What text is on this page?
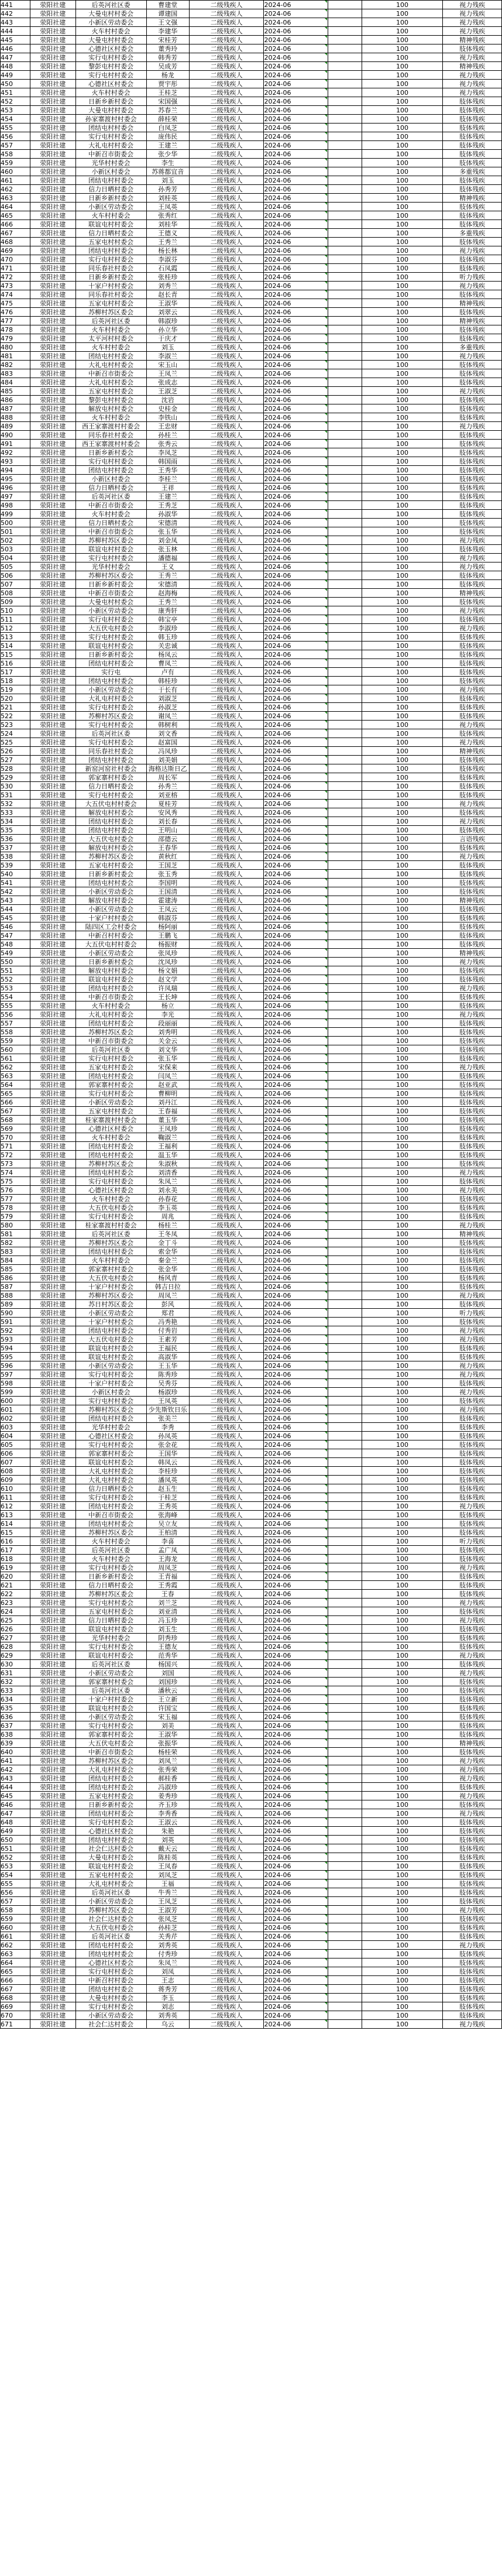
441	荥阳社建	后英河社区委	曹建堂	二级残疾人	2024-06		100	视力残疾
442	荥阳社建	大曼屯村村委会	谭建国	二级残疾人	2024-06		100	视力残疾
443	荥阳社建	小新区劳动委会	王文强	二级残疾人	2024-06		100	视力残疾
444	荥阳社建	火车村村委会	李建华	二级残疾人	2024-06		100	视力残疾
445	荥阳社建	大曼屯村村委会	宋桂芳	二级残疾人	2024-06		100	精神残疾
446	荥阳社建	心德社区村委会	董秀玲	二级残疾人	2024-06		100	肢体残疾
447	荥阳社建	实行屯村村委会	韩秀芳	二级残疾人	2024-06		100	视力残疾
448	荥阳社建	黎彭屯村村委会	吴成芳	二级残疾人	2024-06		100	精神残疾
449	荥阳社建	实行屯村村委会	杨龙	二级残疾人	2024-06		100	视力残疾
450	荥阳社建	心德社区村委会	贾宇彤	二级残疾人	2024-06		100	视力残疾
451	荥阳社建	火车村村委会	王桂芝	二级残疾人	2024-06		100	视力残疾
452	荥阳社建	日新乡新村委会	宋国强	二级残疾人	2024-06		100	肢体残疾
453	荥阳社建	大曼屯村村委会	苏春兰	二级残疾人	2024-06		100	肢体残疾
454	荥阳社建	孙家寨渡村村委会	薛桂荣	二级残疾人	2024-06		100	肢体残疾
455	荥阳社建	团结屯村村委会	白凤芝	二级残疾人	2024-06		100	肢体残疾
456	荥阳社建	实行屯村村委会	庞伟民	二级残疾人	2024-06		100	肢体残疾
457	荥阳社建	大礼屯村村委会	王建兰	二级残疾人	2024-06		100	肢体残疾
458	荥阳社建	中新召市街委会	张少华	二级残疾人	2024-06		100	肢体残疾
459	荥阳社建	光华村村委会	李生	二级残疾人	2024-06		100	肢体残疾
460	荥阳社建	小新区村委会	苏蒋都宜音	二级残疾人	2024-06		100	多重残疾
461	荥阳社建	团结屯村村委会	刘玉	二级残疾人	2024-06		100	肢体残疾
462	荥阳社建	信力日晒村委会	孙秀芳	二级残疾人	2024-06		100	肢体残疾
463	荥阳社建	日新乡新村委会	刘桂英	二级残疾人	2024-06		100	精神残疾
464	荥阳社建	小新区劳动委会	王凤英	二级残疾人	2024-06		100	肢体残疾
465	荥阳社建	火车村村委会	张秀红	二级残疾人	2024-06		100	肢体残疾
466	荥阳社建	联谊屯村村委会	刘桂华	二级残疾人	2024-06		100	肢体残疾
467	荥阳社建	信力日晒村委会	王德义	二级残疾人	2024-06		100	多重残疾
468	荥阳社建	五家屯村村委会	王秀兰	二级残疾人	2024-06		100	肢体残疾
469	荥阳社建	团结屯村村委会	杨长林	二级残疾人	2024-06		100	视力残疾
470	荥阳社建	实行屯村村委会	李淑芬	二级残疾人	2024-06		100	肢体残疾
471	荥阳社建	同乐春社村委会	石凤霞	二级残疾人	2024-06		100	肢体残疾
472	荥阳社建	日新乡新村委会	张桂珍	二级残疾人	2024-06		100	听力残疾
473	荥阳社建	十家户村村委会	刘秀兰	二级残疾人	2024-06		100	视力残疾
474	荥阳社建	同乐春社村委会	赵长青	二级残疾人	2024-06		100	肢体残疾
475	荥阳社建	五家屯村村委会	王淑华	二级残疾人	2024-06		100	精神残疾
476	荥阳社建	苏柳村苏区委会	刘翠云	二级残疾人	2024-06		100	肢体残疾
477	荥阳社建	后英河社区委	韩淑珍	二级残疾人	2024-06		100	精神残疾
478	荥阳社建	火车村村委会	孙立华	二级残疾人	2024-06		100	肢体残疾
479	荥阳社建	太平河村村委会	于庆才	二级残疾人	2024-06		100	肢体残疾
480	荥阳社建	火车村村委会	刘玉	二级残疾人	2024-06		100	多重残疾
481	荥阳社建	团结屯村村委会	李淑兰	二级残疾人	2024-06		100	视力残疾
482	荥阳社建	大礼屯村村委会	宋玉山	二级残疾人	2024-06		100	肢体残疾
483	荥阳社建	中新召市街委会	王凤兰	二级残疾人	2024-06		100	肢体残疾
484	荥阳社建	大礼屯村村委会	张成志	二级残疾人	2024-06		100	肢体残疾
485	荥阳社建	五家屯村村委会	王淑芝	二级残疾人	2024-06		100	视力残疾
486	荥阳社建	黎彭屯村村委会	沈岩	二级残疾人	2024-06		100	肢体残疾
487	荥阳社建	解放屯村村委会	史桂金	二级残疾人	2024-06		100	肢体残疾
488	荥阳社建	火车村村委会	李铁山	二级残疾人	2024-06		100	肢体残疾
489	荥阳社建	西王家寨渡村村委会	王忠财	二级残疾人	2024-06		100	视力残疾
490	荥阳社建	同乐春社村委会	孙桂兰	二级残疾人	2024-06		100	肢体残疾
491	荥阳社建	西王家寨渡村村委会	张秀云	二级残疾人	2024-06		100	肢体残疾
492	荥阳社建	日新乡新村委会	李凤芝	二级残疾人	2024-06		100	肢体残疾
493	荥阳社建	实行屯村村委会	韩国雨	二级残疾人	2024-06		100	肢体残疾
494	荥阳社建	团结屯村村委会	王秀华	二级残疾人	2024-06		100	肢体残疾
495	荥阳社建	小新区村委会	李桂兰	二级残疾人	2024-06		100	肢体残疾
496	荥阳社建	信力日晒村委会	王祥	二级残疾人	2024-06		100	肢体残疾
497	荥阳社建	后英河社区委	王建兰	二级残疾人	2024-06		100	肢体残疾
498	荥阳社建	中新召市街委会	王秀芝	二级残疾人	2024-06		100	肢体残疾
499	荥阳社建	火车村村委会	孙淑华	二级残疾人	2024-06		100	肢体残疾
500	荥阳社建	信力日晒村委会	宋德清	二级残疾人	2024-06		100	肢体残疾
501	荥阳社建	中新召市街委会	张玉华	二级残疾人	2024-06		100	肢体残疾
502	荥阳社建	苏柳村苏区委会	刘金凤	二级残疾人	2024-06		100	视力残疾
503	荥阳社建	联谊屯村村委会	张玉林	二级残疾人	2024-06		100	肢体残疾
504	荥阳社建	实行屯村村委会	潘德福	二级残疾人	2024-06		100	视力残疾
505	荥阳社建	光华村村委会	王义	二级残疾人	2024-06		100	视力残疾
506	荥阳社建	苏柳村苏区委会	王秀兰	二级残疾人	2024-06		100	肢体残疾
507	荥阳社建	日新乡新村委会	宋德清	二级残疾人	2024-06		100	肢体残疾
508	荥阳社建	中新召市街委会	赵海梅	二级残疾人	2024-06		100	精神残疾
509	荥阳社建	大曼屯村村委会	王秀兰	二级残疾人	2024-06		100	肢体残疾
510	荥阳社建	小新区劳动委会	康秀轩	二级残疾人	2024-06		100	视力残疾
511	荥阳社建	实行屯村村委会	韩宝亭	二级残疾人	2024-06		100	肢体残疾
512	荥阳社建	大五伏屯村委会	李淑珍	二级残疾人	2024-06		100	视力残疾
513	荥阳社建	实行屯村村委会	韩玉珍	二级残疾人	2024-06		100	肢体残疾
514	荥阳社建	联谊屯村村委会	关忠诚	二级残疾人	2024-06		100	肢体残疾
515	荥阳社建	日新乡新村委会	杨凤云	二级残疾人	2024-06		100	肢体残疾
516	荥阳社建	团结屯村村委会	曹凤兰	二级残疾人	2024-06		100	肢体残疾
517	荥阳社建	实行屯	卢有	二级残疾人	2024-06		100	肢体残疾
518	荥阳社建	团结屯村村委会	韩桂珍	二级残疾人	2024-06		100	肢体残疾
519	荥阳社建	小新区劳动委会	于长有	二级残疾人	2024-06		100	视力残疾
520	荥阳社建	大礼屯村村委会	刘淑芝	二级残疾人	2024-06		100	肢体残疾
521	荥阳社建	实行屯村村委会	孙淑芝	二级残疾人	2024-06		100	肢体残疾
522	荥阳社建	苏柳村苏区委会	谢凤兰	二级残疾人	2024-06		100	肢体残疾
523	荥阳社建	实行屯村村委会	韩树利	二级残疾人	2024-06		100	视力残疾
524	荥阳社建	后英河社区委	刘文香	二级残疾人	2024-06		100	肢体残疾
525	荥阳社建	实行屯村村委会	赵富国	二级残疾人	2024-06		100	视力残疾
526	荥阳社建	同乐春社村委会	冯凤珍	二级残疾人	2024-06		100	精神残疾
527	荥阳社建	团结屯村村委会	刘美娟	二级残疾人	2024-06		100	肢体残疾
528	荥阳社建	新窑河窑社村委会	海格达斯日乙	二级残疾人	2024-06		100	肢体残疾
529	荥阳社建	郭家寨村村委会	周长军	二级残疾人	2024-06		100	肢体残疾
530	荥阳社建	信力日晒村委会	孙秀兰	二级残疾人	2024-06		100	肢体残疾
531	荥阳社建	实行屯村村委会	刘亚榕	二级残疾人	2024-06		100	肢体残疾
532	荥阳社建	大五伏屯村村委会	夏桂芳	二级残疾人	2024-06		100	视力残疾
533	荥阳社建	解放屯村村委会	安风秀	二级残疾人	2024-06		100	肢体残疾
534	荥阳社建	团结屯村村委会	刘长春	二级残疾人	2024-06		100	视力残疾
535	荥阳社建	团结屯村村委会	王明山	二级残疾人	2024-06		100	肢体残疾
536	荥阳社建	大五伏屯村委会	邵德云	二级残疾人	2024-06		100	言语残疾
537	荥阳社建	解放屯村村委会	王春华	二级残疾人	2024-06		100	肢体残疾
538	荥阳社建	苏柳村苏区委会	黄秋红	二级残疾人	2024-06		100	视力残疾
539	荥阳社建	五家屯村村委会	王国芝	二级残疾人	2024-06		100	肢体残疾
540	荥阳社建	日新乡新村委会	张玉秀	二级残疾人	2024-06		100	肢体残疾
541	荥阳社建	团结屯村村委会	李国明	二级残疾人	2024-06		100	肢体残疾
542	荥阳社建	小新区劳动委会	王国清	二级残疾人	2024-06		100	肢体残疾
543	荥阳社建	解放屯村村委会	霍建涛	二级残疾人	2024-06		100	精神残疾
544	荥阳社建	小新区劳动委会	王凤云	二级残疾人	2024-06		100	肢体残疾
545	荥阳社建	十家户村村委会	韩淑芬	二级残疾人	2024-06		100	肢体残疾
546	荥阳社建	陆四区工会村委会	杨阿丽	二级残疾人	2024-06		100	肢体残疾
547	荥阳社建	中新召村村委会	王鹏飞	二级残疾人	2024-06		100	肢体残疾
548	荥阳社建	大五伏屯村村委会	杨振财	二级残疾人	2024-06		100	肢体残疾
549	荥阳社建	小新区劳动委会	张凤珍	二级残疾人	2024-06		100	精神残疾
550	荥阳社建	日新乡新村委会	沈凤珍	二级残疾人	2024-06		100	视力残疾
551	荥阳社建	解放屯村村委会	杨文娟	二级残疾人	2024-06		100	肢体残疾
552	荥阳社建	联谊屯村村委会	赵文学	二级残疾人	2024-06		100	肢体残疾
553	荥阳社建	团结屯村村委会	许凤瑞	二级残疾人	2024-06		100	视力残疾
554	荥阳社建	中新召市街委会	王长坤	二级残疾人	2024-06		100	肢体残疾
555	荥阳社建	火车村村委会	杨立	二级残疾人	2024-06		100	肢体残疾
556	荥阳社建	大礼屯村村委会	李光	二级残疾人	2024-06		100	视力残疾
557	荥阳社建	团结屯村村委会	段丽丽	二级残疾人	2024-06		100	肢体残疾
558	荥阳社建	苏柳村苏区委会	刘秀明	二级残疾人	2024-06		100	肢体残疾
559	荥阳社建	中新召市街委会	关金云	二级残疾人	2024-06		100	肢体残疾
560	荥阳社建	后英河社区委	刘文华	二级残疾人	2024-06		100	肢体残疾
561	荥阳社建	实行屯村村委会	张玉华	二级残疾人	2024-06		100	肢体残疾
562	荥阳社建	五家屯村村委会	宋保来	二级残疾人	2024-06		100	视力残疾
563	荥阳社建	团结屯村村委会	闫凤兰	二级残疾人	2024-06		100	肢体残疾
564	荥阳社建	郭家寨村村委会	赵亚武	二级残疾人	2024-06		100	肢体残疾
565	荥阳社建	实行屯村村委会	曹柳明	二级残疾人	2024-06		100	肢体残疾
566	荥阳社建	小新区劳动委会	刘丹江	二级残疾人	2024-06		100	肢体残疾
567	荥阳社建	五家屯村村委会	王春福	二级残疾人	2024-06		100	肢体残疾
568	荥阳社建	桂家寨渡村村委会	董玉华	二级残疾人	2024-06		100	肢体残疾
569	荥阳社建	心德社区村委会	王凤珍	二级残疾人	2024-06		100	肢体残疾
570	荥阳社建	火车村村委会	鞠淑兰	二级残疾人	2024-06		100	肢体残疾
571	荥阳社建	团结屯村村委会	王福利	二级残疾人	2024-06		100	肢体残疾
572	荥阳社建	团结屯村村委会	温玉华	二级残疾人	2024-06		100	肢体残疾
573	荥阳社建	苏柳村苏区委会	朱淑秋	二级残疾人	2024-06		100	肢体残疾
574	荥阳社建	团结屯村村委会	刘清香	二级残疾人	2024-06		100	视力残疾
575	荥阳社建	实行屯村村委会	朱凤兰	二级残疾人	2024-06		100	肢体残疾
576	荥阳社建	心德社区村委会	刘永美	二级残疾人	2024-06		100	视力残疾
577	荥阳社建	火车村村委会	孙春花	二级残疾人	2024-06		100	肢体残疾
578	荥阳社建	大五伏屯村委会	李玉英	二级残疾人	2024-06		100	肢体残疾
579	荥阳社建	实行屯村村委会	周兆	二级残疾人	2024-06		100	肢体残疾
580	荥阳社建	桂家寨渡村村委会	杨桂兰	二级残疾人	2024-06		100	视力残疾
581	荥阳社建	后英河社区委	王冬凤	二级残疾人	2024-06		100	精神残疾
582	荥阳社建	苏柳村苏区委会	金丁斗	二级残疾人	2024-06		100	肢体残疾
583	荥阳社建	团结屯村村委会	索金华	二级残疾人	2024-06		100	肢体残疾
584	荥阳社建	火车村村委会	秦金兰	二级残疾人	2024-06		100	肢体残疾
585	荥阳社建	郭家寨村村委会	张金华	二级残疾人	2024-06		100	肢体残疾
586	荥阳社建	大五伏屯村委会	杨风青	二级残疾人	2024-06		100	肢体残疾
587	荥阳社建	十家户村村委会	韩吉日拉	二级残疾人	2024-06		100	肢体残疾
588	荥阳社建	苏柳村苏区委会	周凤兰	二级残疾人	2024-06		100	视力残疾
589	荥阳社建	苏日村苏区委会	彭风	二级残疾人	2024-06		100	肢体残疾
590	荥阳社建	小新区劳动委会	郑君	二级残疾人	2024-06		100	听力残疾
591	荥阳社建	十家户村村委会	冯秀艳	二级残疾人	2024-06		100	肢体残疾
592	荥阳社建	团结屯村村委会	付秀岩	二级残疾人	2024-06		100	视力残疾
593	荥阳社建	大五伏屯村委会	王素芳	二级残疾人	2024-06		100	视力残疾
594	荥阳社建	联谊屯村村委会	王福民	二级残疾人	2024-06		100	肢体残疾
595	荥阳社建	联谊屯村村委会	高淑华	二级残疾人	2024-06		100	肢体残疾
596	荥阳社建	小新区劳动委会	王玉华	二级残疾人	2024-06		100	视力残疾
597	荥阳社建	实行屯村村委会	陈秀珍	二级残疾人	2024-06		100	视力残疾
598	荥阳社建	十家户村村委会	吴秀芬	二级残疾人	2024-06		100	肢体残疾
599	荥阳社建	小新区村委会	杨淑珍	二级残疾人	2024-06		100	视力残疾
600	荥阳社建	实行屯村村委会	王凤英	二级残疾人	2024-06		100	肢体残疾
601	荥阳社建	苏柳村苏区委会	少先斯钦日乐	二级残疾人	2024-06		100	视力残疾
602	荥阳社建	团结屯村村委会	张美兰	二级残疾人	2024-06		100	肢体残疾
603	荥阳社建	光华村村委会	李秀	二级残疾人	2024-06		100	肢体残疾
604	荥阳社建	心德社区村委会	孙凤英	二级残疾人	2024-06		100	肢体残疾
605	荥阳社建	实行屯村村委会	张金花	二级残疾人	2024-06		100	肢体残疾
606	荥阳社建	郭家寨村村委会	王国华	二级残疾人	2024-06		100	肢体残疾
607	荥阳社建	联谊屯村村委会	韩凤云	二级残疾人	2024-06		100	肢体残疾
608	荥阳社建	大礼屯村村委会	李桂珍	二级残疾人	2024-06		100	肢体残疾
609	荥阳社建	大礼屯村村委会	潘凤英	二级残疾人	2024-06		100	肢体残疾
610	荥阳社建	信力日晒村委会	赵玉生	二级残疾人	2024-06		100	肢体残疾
611	荥阳社建	实行屯村村委会	于桂芝	二级残疾人	2024-06		100	肢体残疾
612	荥阳社建	团结屯村村委会	王秀英	二级残疾人	2024-06		100	视力残疾
613	荥阳社建	中新召市街委会	张海峰	二级残疾人	2024-06		100	肢体残疾
614	荥阳社建	团结屯村村委会	吴立友	二级残疾人	2024-06		100	肢体残疾
615	荥阳社建	苏柳村苏区委会	王柏清	二级残疾人	2024-06		100	肢体残疾
616	荥阳社建	火车村村委会	李喜	二级残疾人	2024-06		100	听力残疾
617	荥阳社建	后英河社区委	孟广凤	二级残疾人	2024-06		100	肢体残疾
618	荥阳社建	火车村村委会	王海龙	二级残疾人	2024-06		100	肢体残疾
619	荥阳社建	实行屯村村委会	周凤芝	二级残疾人	2024-06		100	视力残疾
620	荥阳社建	日新乡新村委会	王青福	二级残疾人	2024-06		100	肢体残疾
621	荥阳社建	信力日晒村委会	王秀霞	二级残疾人	2024-06		100	肢体残疾
622	荥阳社建	苏柳村苏区委会	王春	二级残疾人	2024-06		100	肢体残疾
623	荥阳社建	实行屯村村委会	刘兰芝	二级残疾人	2024-06		100	视力残疾
624	荥阳社建	五家屯村村委会	刘亚清	二级残疾人	2024-06		100	肢体残疾
625	荥阳社建	信力日晒村委会	冯玉珍	二级残疾人	2024-06		100	视力残疾
626	荥阳社建	联谊屯村村委会	刘玉生	二级残疾人	2024-06		100	肢体残疾
627	荥阳社建	光华村村委会	阴秀珍	二级残疾人	2024-06		100	肢体残疾
628	荥阳社建	实行屯村村委会	王德友	二级残疾人	2024-06		100	肢体残疾
629	荥阳社建	联谊屯村村委会	范秀华	二级残疾人	2024-06		100	视力残疾
630	荥阳社建	后英河社区委	杨国兴	二级残疾人	2024-06		100	肢体残疾
631	荥阳社建	小新区劳动委会	刘国	二级残疾人	2024-06		100	视力残疾
632	荥阳社建	郭家寨村村委会	刘国珍	二级残疾人	2024-06		100	肢体残疾
633	荥阳社建	后英河社区委	潘秋云	二级残疾人	2024-06		100	肢体残疾
634	荥阳社建	十家户村村委会	王立新	二级残疾人	2024-06		100	肢体残疾
635	荥阳社建	联谊屯村村委会	许国宝	二级残疾人	2024-06		100	肢体残疾
636	荥阳社建	小新区劳动委会	宋玉福	二级残疾人	2024-06		100	肢体残疾
637	荥阳社建	实行屯村村委会	刘美	二级残疾人	2024-06		100	肢体残疾
638	荥阳社建	郭家寨村村委会	王淑华	二级残疾人	2024-06		100	肢体残疾
639	荥阳社建	大五伏屯村委会	张振华	二级残疾人	2024-06		100	精神残疾
640	荥阳社建	中新召市街委会	杨桂荣	二级残疾人	2024-06		100	肢体残疾
641	荥阳社建	苏柳村苏区委会	刘凤兰	二级残疾人	2024-06		100	视力残疾
642	荥阳社建	大礼屯村村委会	张秀荣	二级残疾人	2024-06		100	视力残疾
643	荥阳社建	团结屯村村委会	郝桂香	二级残疾人	2024-06		100	视力残疾
644	荥阳社建	团结屯村村委会	冯淑珍	二级残疾人	2024-06		100	肢体残疾
645	荥阳社建	五家屯村村委会	姜秀珍	二级残疾人	2024-06		100	视力残疾
646	荥阳社建	日新乡新村委会	齐玉珍	二级残疾人	2024-06		100	肢体残疾
647	荥阳社建	团结屯村村委会	李秀香	二级残疾人	2024-06		100	视力残疾
648	荥阳社建	实行屯村村委会	王淑云	二级残疾人	2024-06		100	肢体残疾
649	荥阳社建	心德社区村委会	朱艳	二级残疾人	2024-06		100	肢体残疾
650	荥阳社建	团结屯村村委会	刘英	二级残疾人	2024-06		100	肢体残疾
651	荥阳社建	社会仁达村委会	戴天云	二级残疾人	2024-06		100	肢体残疾
652	荥阳社建	大曼屯村村委会	陈桂英	二级残疾人	2024-06		100	肢体残疾
653	荥阳社建	联谊屯村村委会	王凤春	二级残疾人	2024-06		100	肢体残疾
654	荥阳社建	五家屯村村委会	刘凤芝	二级残疾人	2024-06		100	肢体残疾
655	荥阳社建	大礼屯村村委会	王福	二级残疾人	2024-06		100	肢体残疾
656	荥阳社建	后英河社区委	牛秀兰	二级残疾人	2024-06		100	肢体残疾
657	荥阳社建	小新区劳动委会	王凤芝	二级残疾人	2024-06		100	肢体残疾
658	荥阳社建	苏柳村苏区委会	王淑芳	二级残疾人	2024-06		100	视力残疾
659	荥阳社建	社会仁达村委会	张凤芝	二级残疾人	2024-06		100	肢体残疾
660	荥阳社建	大五伏屯村委会	孙桂芝	二级残疾人	2024-06		100	肢体残疾
661	荥阳社建	后英河社区委	关秀芹	二级残疾人	2024-06		100	肢体残疾
662	荥阳社建	团结屯村村委会	刘秀英	二级残疾人	2024-06		100	视力残疾
663	荥阳社建	团结屯村村委会	付秀珍	二级残疾人	2024-06		100	肢体残疾
664	荥阳社建	心德社区村委会	朱凤兰	二级残疾人	2024-06		100	肢体残疾
665	荥阳社建	实行屯村村委会	刘凤	二级残疾人	2024-06		100	肢体残疾
666	荥阳社建	中新召村村委会	王志	二级残疾人	2024-06		100	肢体残疾
667	荥阳社建	团结屯村村委会	蒋秀芳	二级残疾人	2024-06		100	肢体残疾
668	荥阳社建	大曼屯村村委会	李玉	二级残疾人	2024-06		100	肢体残疾
669	荥阳社建	实行屯村村委会	刘志	二级残疾人	2024-06		100	肢体残疾
670	荥阳社建	小新区劳动委会	刘秀英	二级残疾人	2024-06		100	肢体残疾
671	荥阳社建	社会仁达村委会	乌云	二级残疾人	2024-06		100	视力残疾
